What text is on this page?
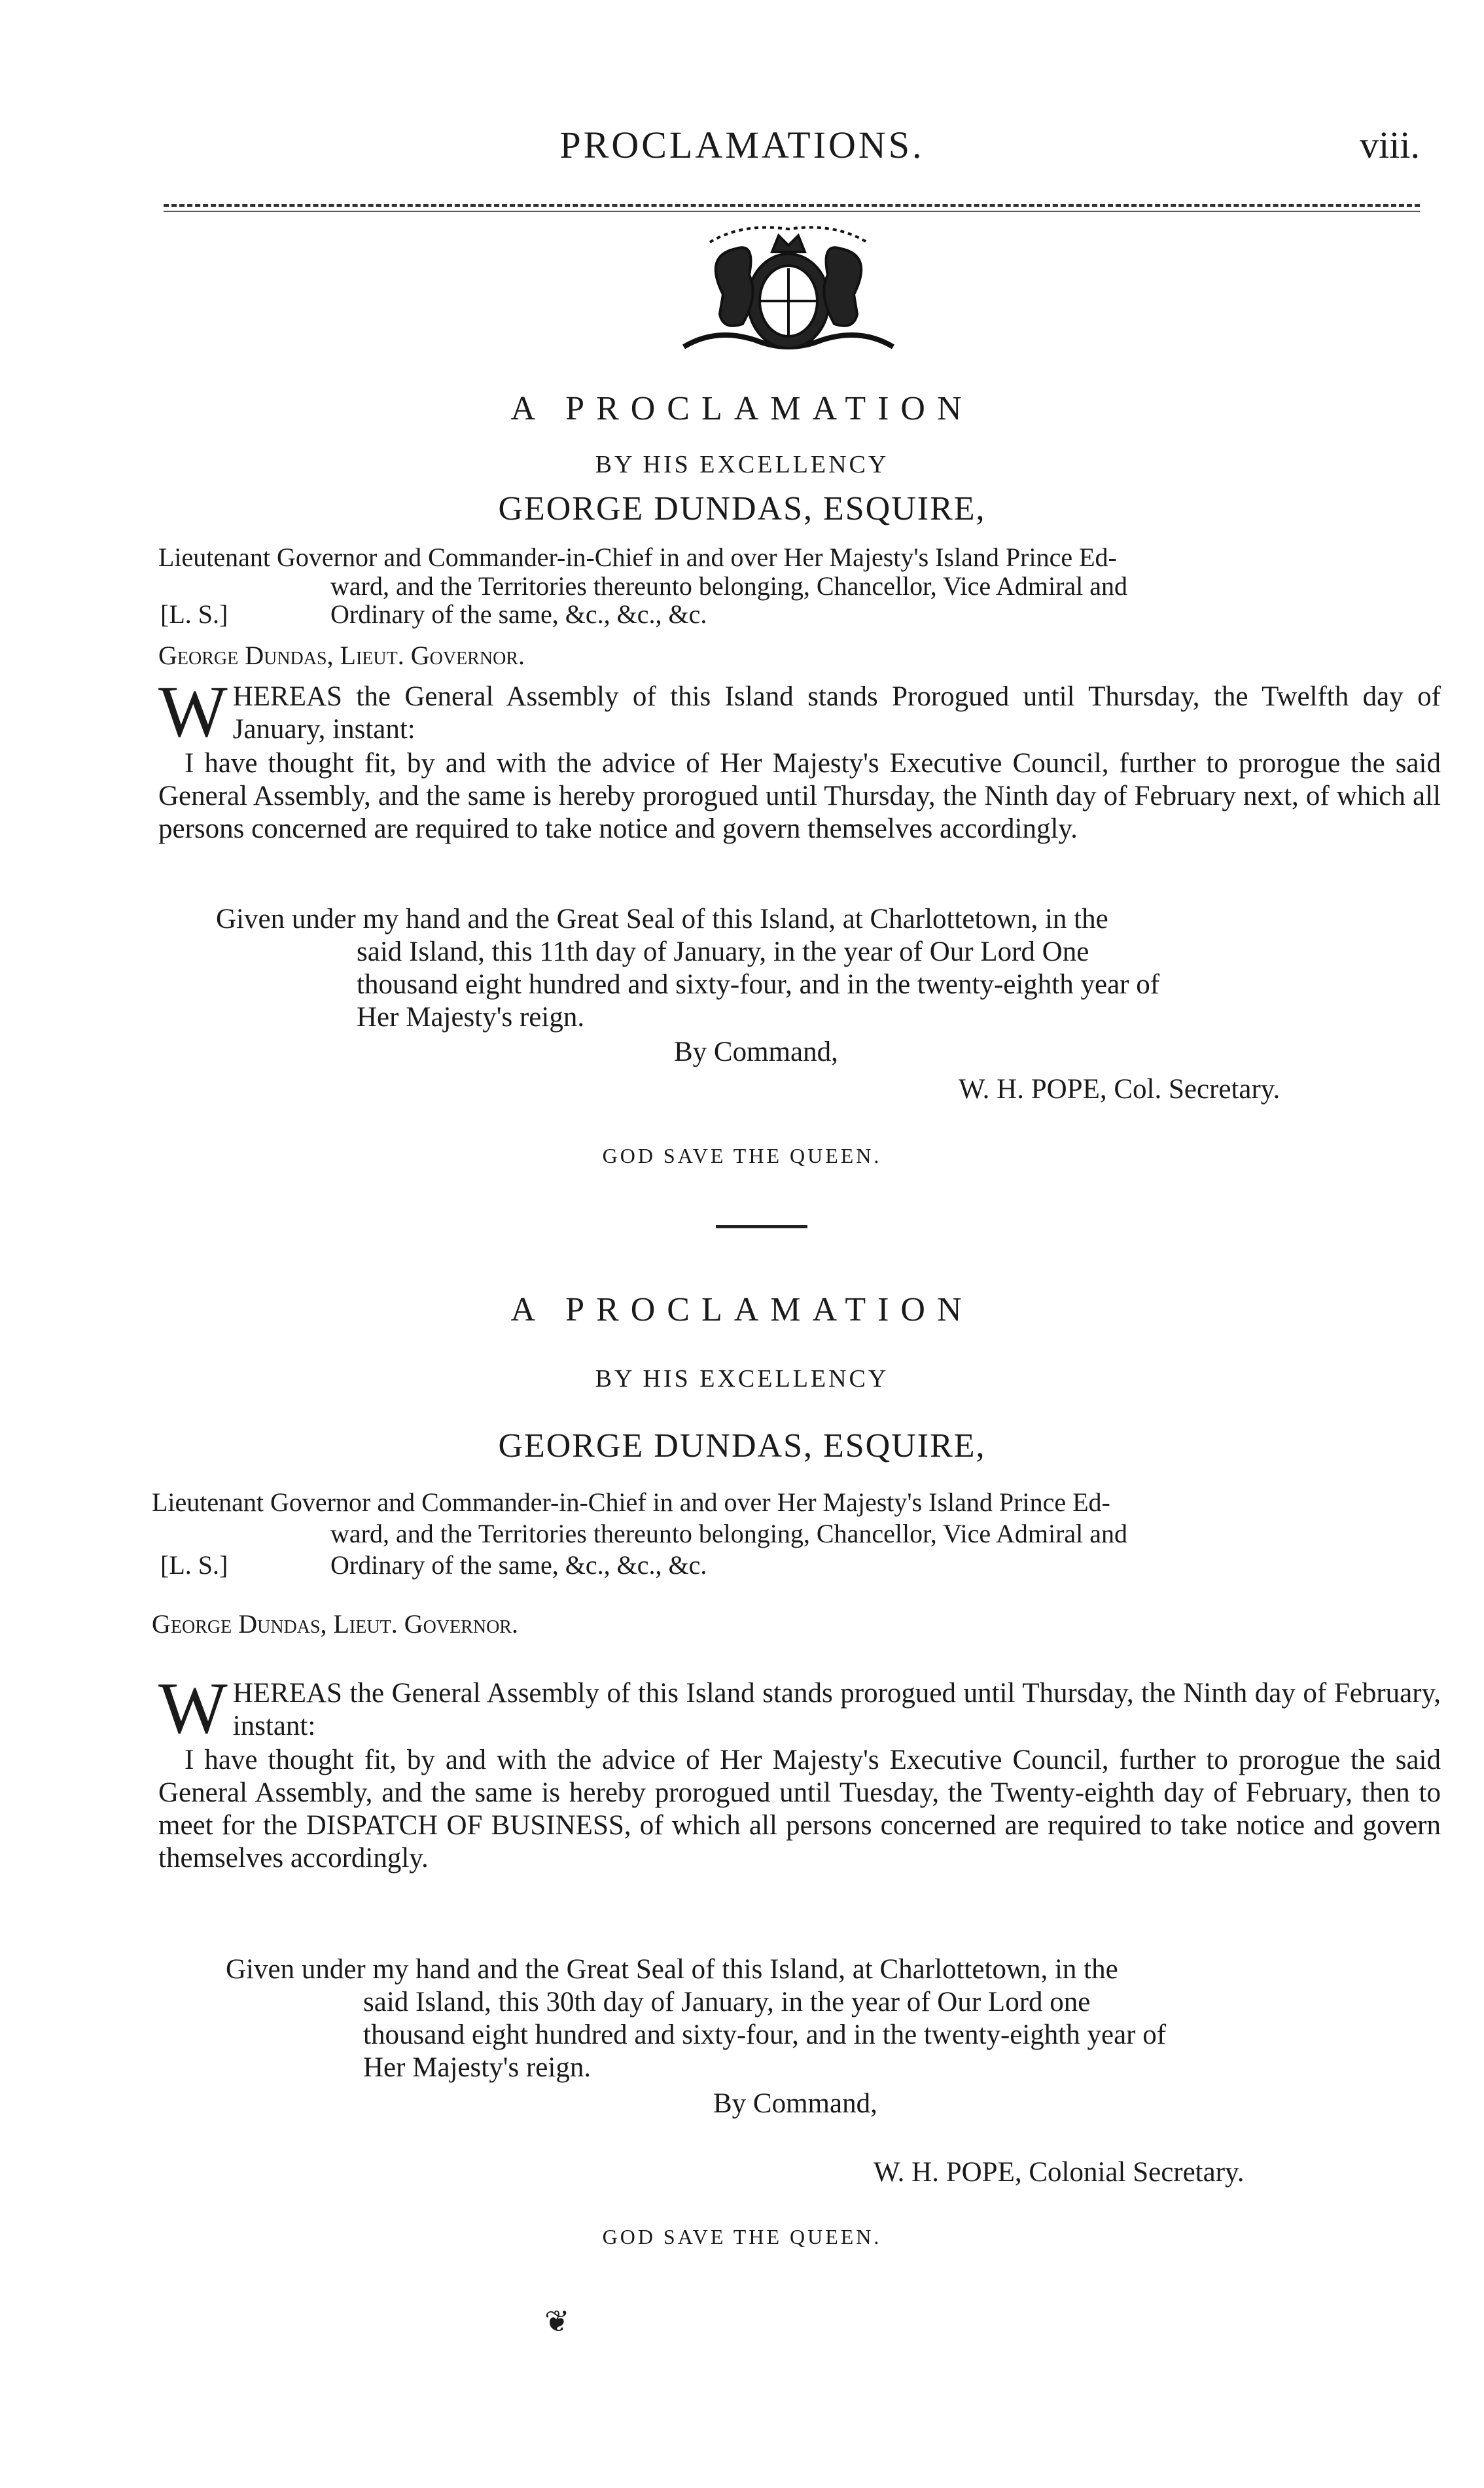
PROCLAMATIONS.	viii.
A PROCLAMATION
BY HIS EXCELLENCY
GEORGE DUNDAS, ESQUIRE,
Lieutenant Governor and Commander-in-Chief in and over Her Majesty's Island Prince Ed-
ward, and the Territories thereunto belonging, Chancellor, Vice Admiral and
[L. S.]	Ordinary of the same, &c., &c., &c.
George Dundas, Lieut. Governor.
WHEREAS the General Assembly of this Island stands Prorogued until Thursday, the Twelfth day of January, instant:
I have thought fit, by and with the advice of Her Majesty's Executive Council, further to prorogue the said General Assembly, and the same is hereby prorogued until Thursday, the Ninth day of February next, of which all persons concerned are required to take notice and govern themselves accordingly.
Given under my hand and the Great Seal of this Island, at Charlottetown, in the
said Island, this 11th day of January, in the year of Our Lord One
thousand eight hundred and sixty-four, and in the twenty-eighth year of
Her Majesty's reign.
By Command,
W. H. POPE, Col. Secretary.
GOD SAVE THE QUEEN.
A PROCLAMATION
BY HIS EXCELLENCY
GEORGE DUNDAS, ESQUIRE,
Lieutenant Governor and Commander-in-Chief in and over Her Majesty's Island Prince Ed-
ward, and the Territories thereunto belonging, Chancellor, Vice Admiral and
[L. S.]	Ordinary of the same, &c., &c., &c.
George Dundas, Lieut. Governor.
WHEREAS the General Assembly of this Island stands prorogued until Thursday, the Ninth day of February, instant:
I have thought fit, by and with the advice of Her Majesty's Executive Council, further to prorogue the said General Assembly, and the same is hereby prorogued until Tuesday, the Twenty-eighth day of February, then to meet for the DISPATCH OF BUSINESS, of which all persons concerned are required to take notice and govern themselves accordingly.
Given under my hand and the Great Seal of this Island, at Charlottetown, in the
said Island, this 30th day of January, in the year of Our Lord one
thousand eight hundred and sixty-four, and in the twenty-eighth year of
Her Majesty's reign.
By Command,
W. H. POPE, Colonial Secretary.
GOD SAVE THE QUEEN.
❦
